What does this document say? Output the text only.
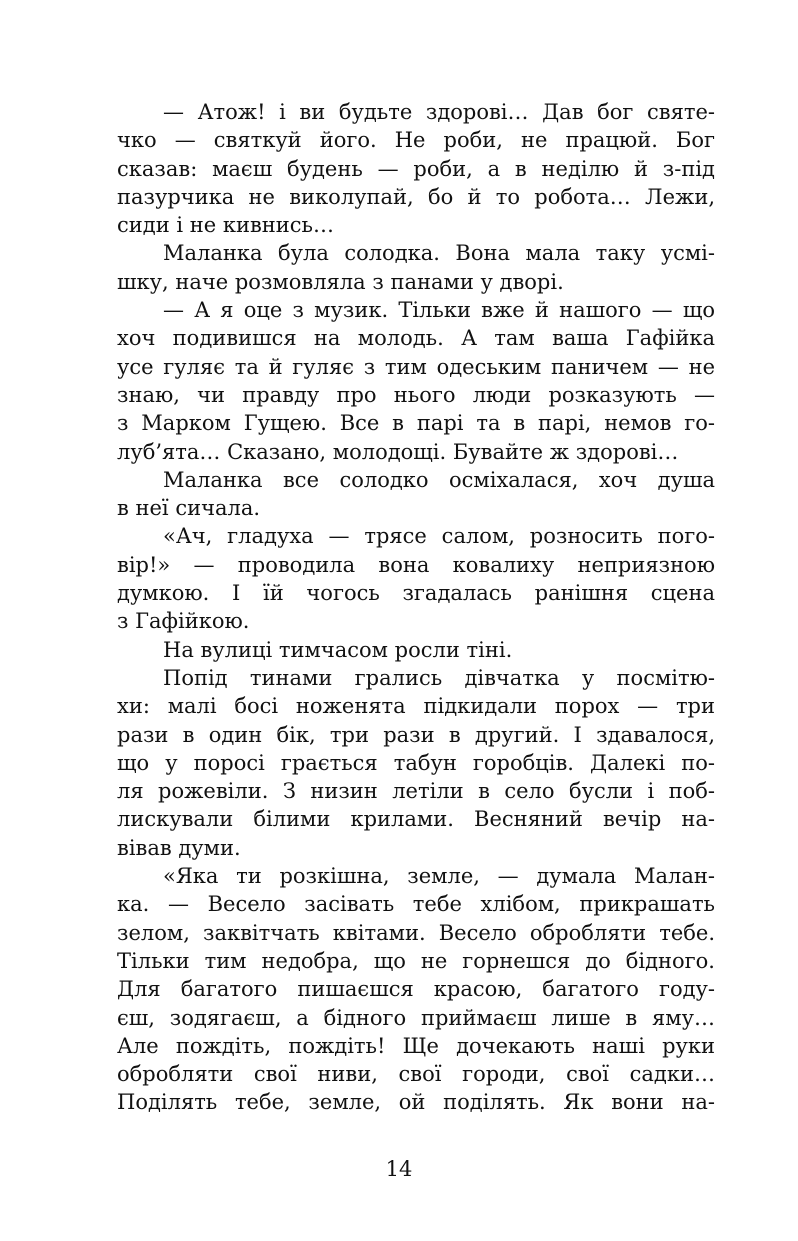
— Атож! і ви будьте здорові… Дав бог святе-
чко — святкуй його. Не роби, не працюй. Бог
сказав: маєш будень — роби, а в неділю й з-під
пазурчика не виколупай, бо й то робота… Лежи,
сиди і не кивнись…
Маланка була солодка. Вона мала таку усмі-
шку, наче розмовляла з панами у дворі.
— А я оце з музик. Тільки вже й нашого — що
хоч подивишся на молодь. А там ваша Гафійка
усе гуляє та й гуляє з тим одеським паничем — не
знаю, чи правду про нього люди розказують —
з Марком Гущею. Все в парі та в парі, немов го-
луб’ята… Сказано, молодощі. Бувайте ж здорові…
Маланка все солодко осміхалася, хоч душа
в неї сичала.
«Ач, гладуха — трясе салом, розносить пого-
вір!» — проводила вона ковалиху неприязною
думкою. І їй чогось згадалась ранішня сцена
з Гафійкою.
На вулиці тимчасом росли тіні.
Попід тинами грались дівчатка у посмітю-
хи: малі босі ноженята підкидали порох — три
рази в один бік, три рази в другий. І здавалося,
що у поросі грається табун горобців. Далекі по-
ля рожевіли. З низин летіли в село бусли і поб-
лискували білими крилами. Весняний вечір на-
вівав думи.
«Яка ти розкішна, земле, — думала Малан-
ка. — Весело засівать тебе хлібом, прикрашать
зелом, заквітчать квітами. Весело обробляти тебе.
Тільки тим недобра, що не горнешся до бідного.
Для багатого пишаєшся красою, багатого году-
єш, зодягаєш, а бідного приймаєш лише в яму…
Але пождіть, пождіть! Ще дочекають наші руки
обробляти свої ниви, свої городи, свої садки…
Поділять тебе, земле, ой поділять. Як вони на-
14
